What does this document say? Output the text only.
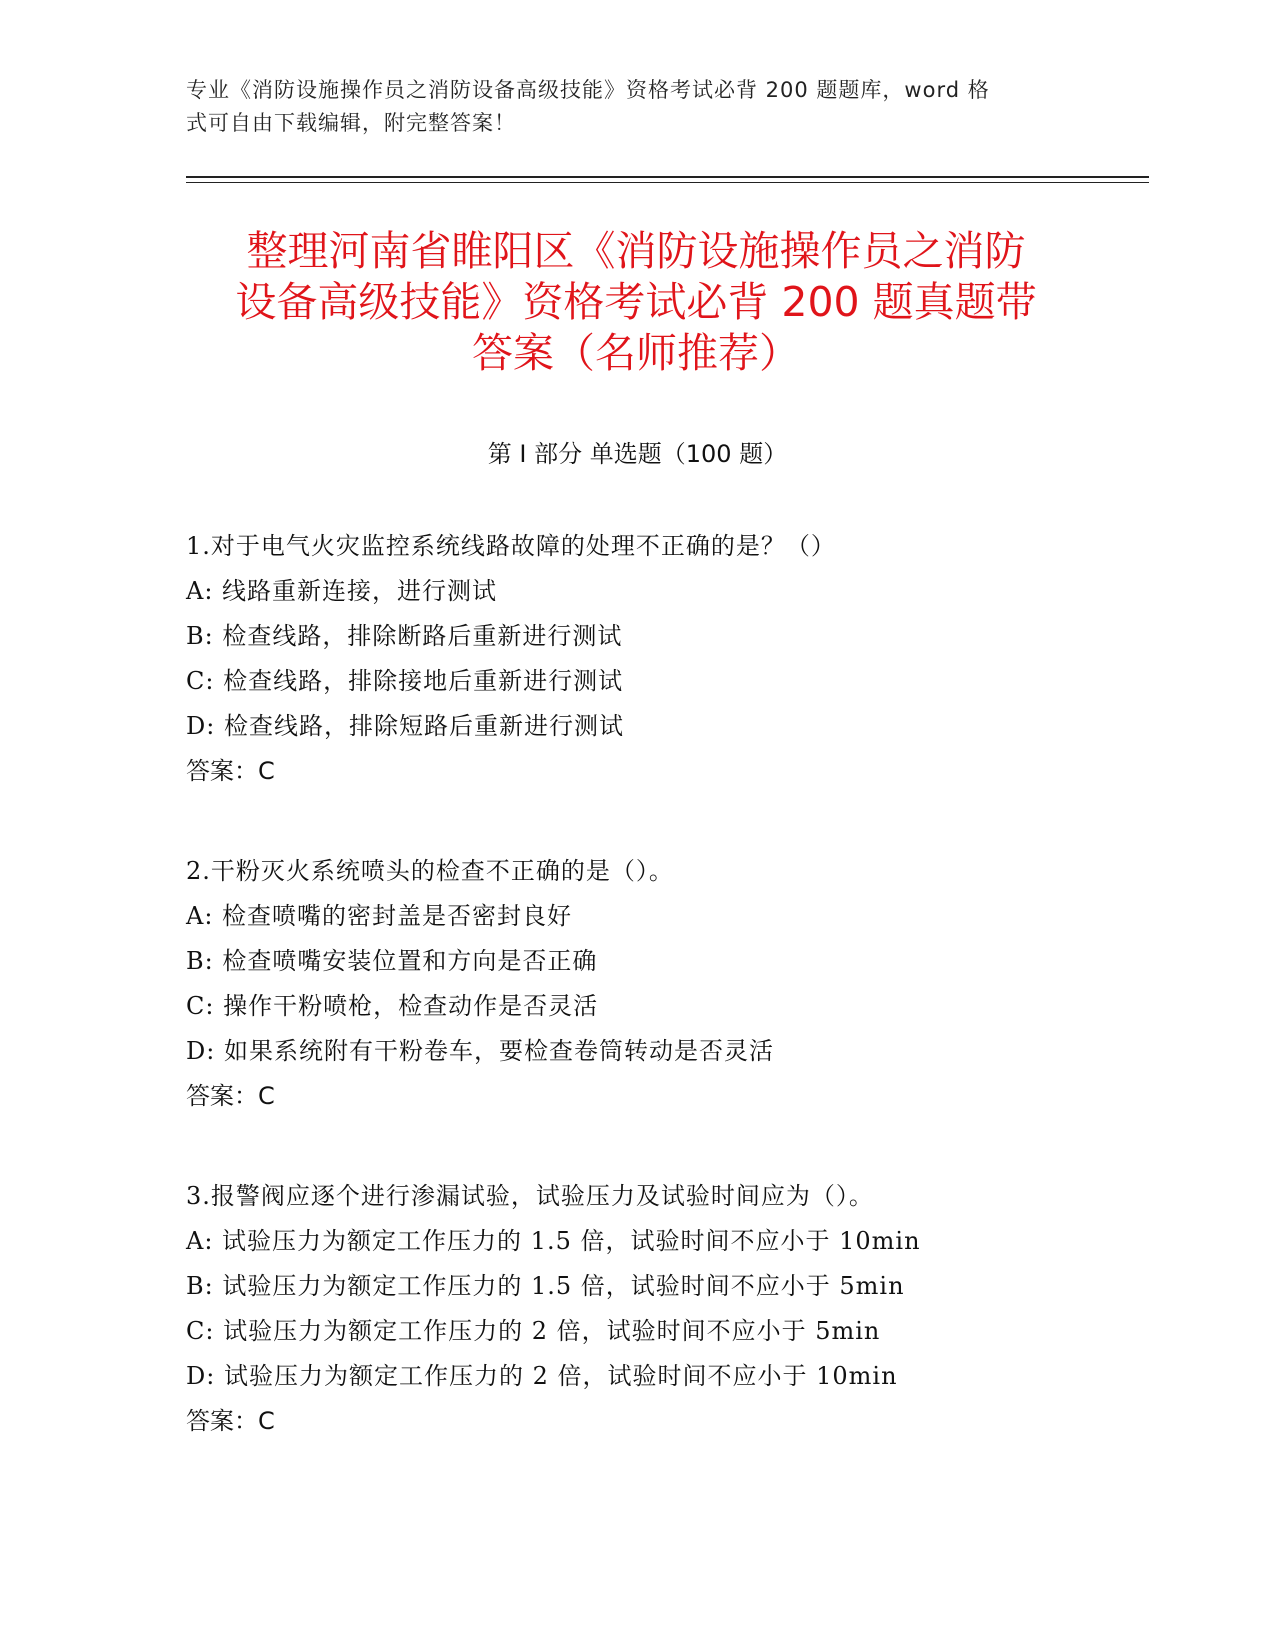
专业《消防设施操作员之消防设备高级技能》资格考试必背 200 题题库，word 格
式可自由下载编辑，附完整答案！
整理河南省睢阳区《消防设施操作员之消防
设备高级技能》资格考试必背 200 题真题带
答案（名师推荐）
第 I 部分 单选题（100 题）
1.对于电气火灾监控系统线路故障的处理不正确的是？（）
A: 线路重新连接，进行测试
B: 检查线路，排除断路后重新进行测试
C: 检查线路，排除接地后重新进行测试
D: 检查线路，排除短路后重新进行测试
答案：C
2.干粉灭火系统喷头的检查不正确的是（）。
A: 检查喷嘴的密封盖是否密封良好
B: 检查喷嘴安装位置和方向是否正确
C: 操作干粉喷枪，检查动作是否灵活
D: 如果系统附有干粉卷车，要检查卷筒转动是否灵活
答案：C
3.报警阀应逐个进行渗漏试验，试验压力及试验时间应为（）。
A: 试验压力为额定工作压力的 1.5 倍，试验时间不应小于 10min
B: 试验压力为额定工作压力的 1.5 倍，试验时间不应小于 5min
C: 试验压力为额定工作压力的 2 倍，试验时间不应小于 5min
D: 试验压力为额定工作压力的 2 倍，试验时间不应小于 10min
答案：C
